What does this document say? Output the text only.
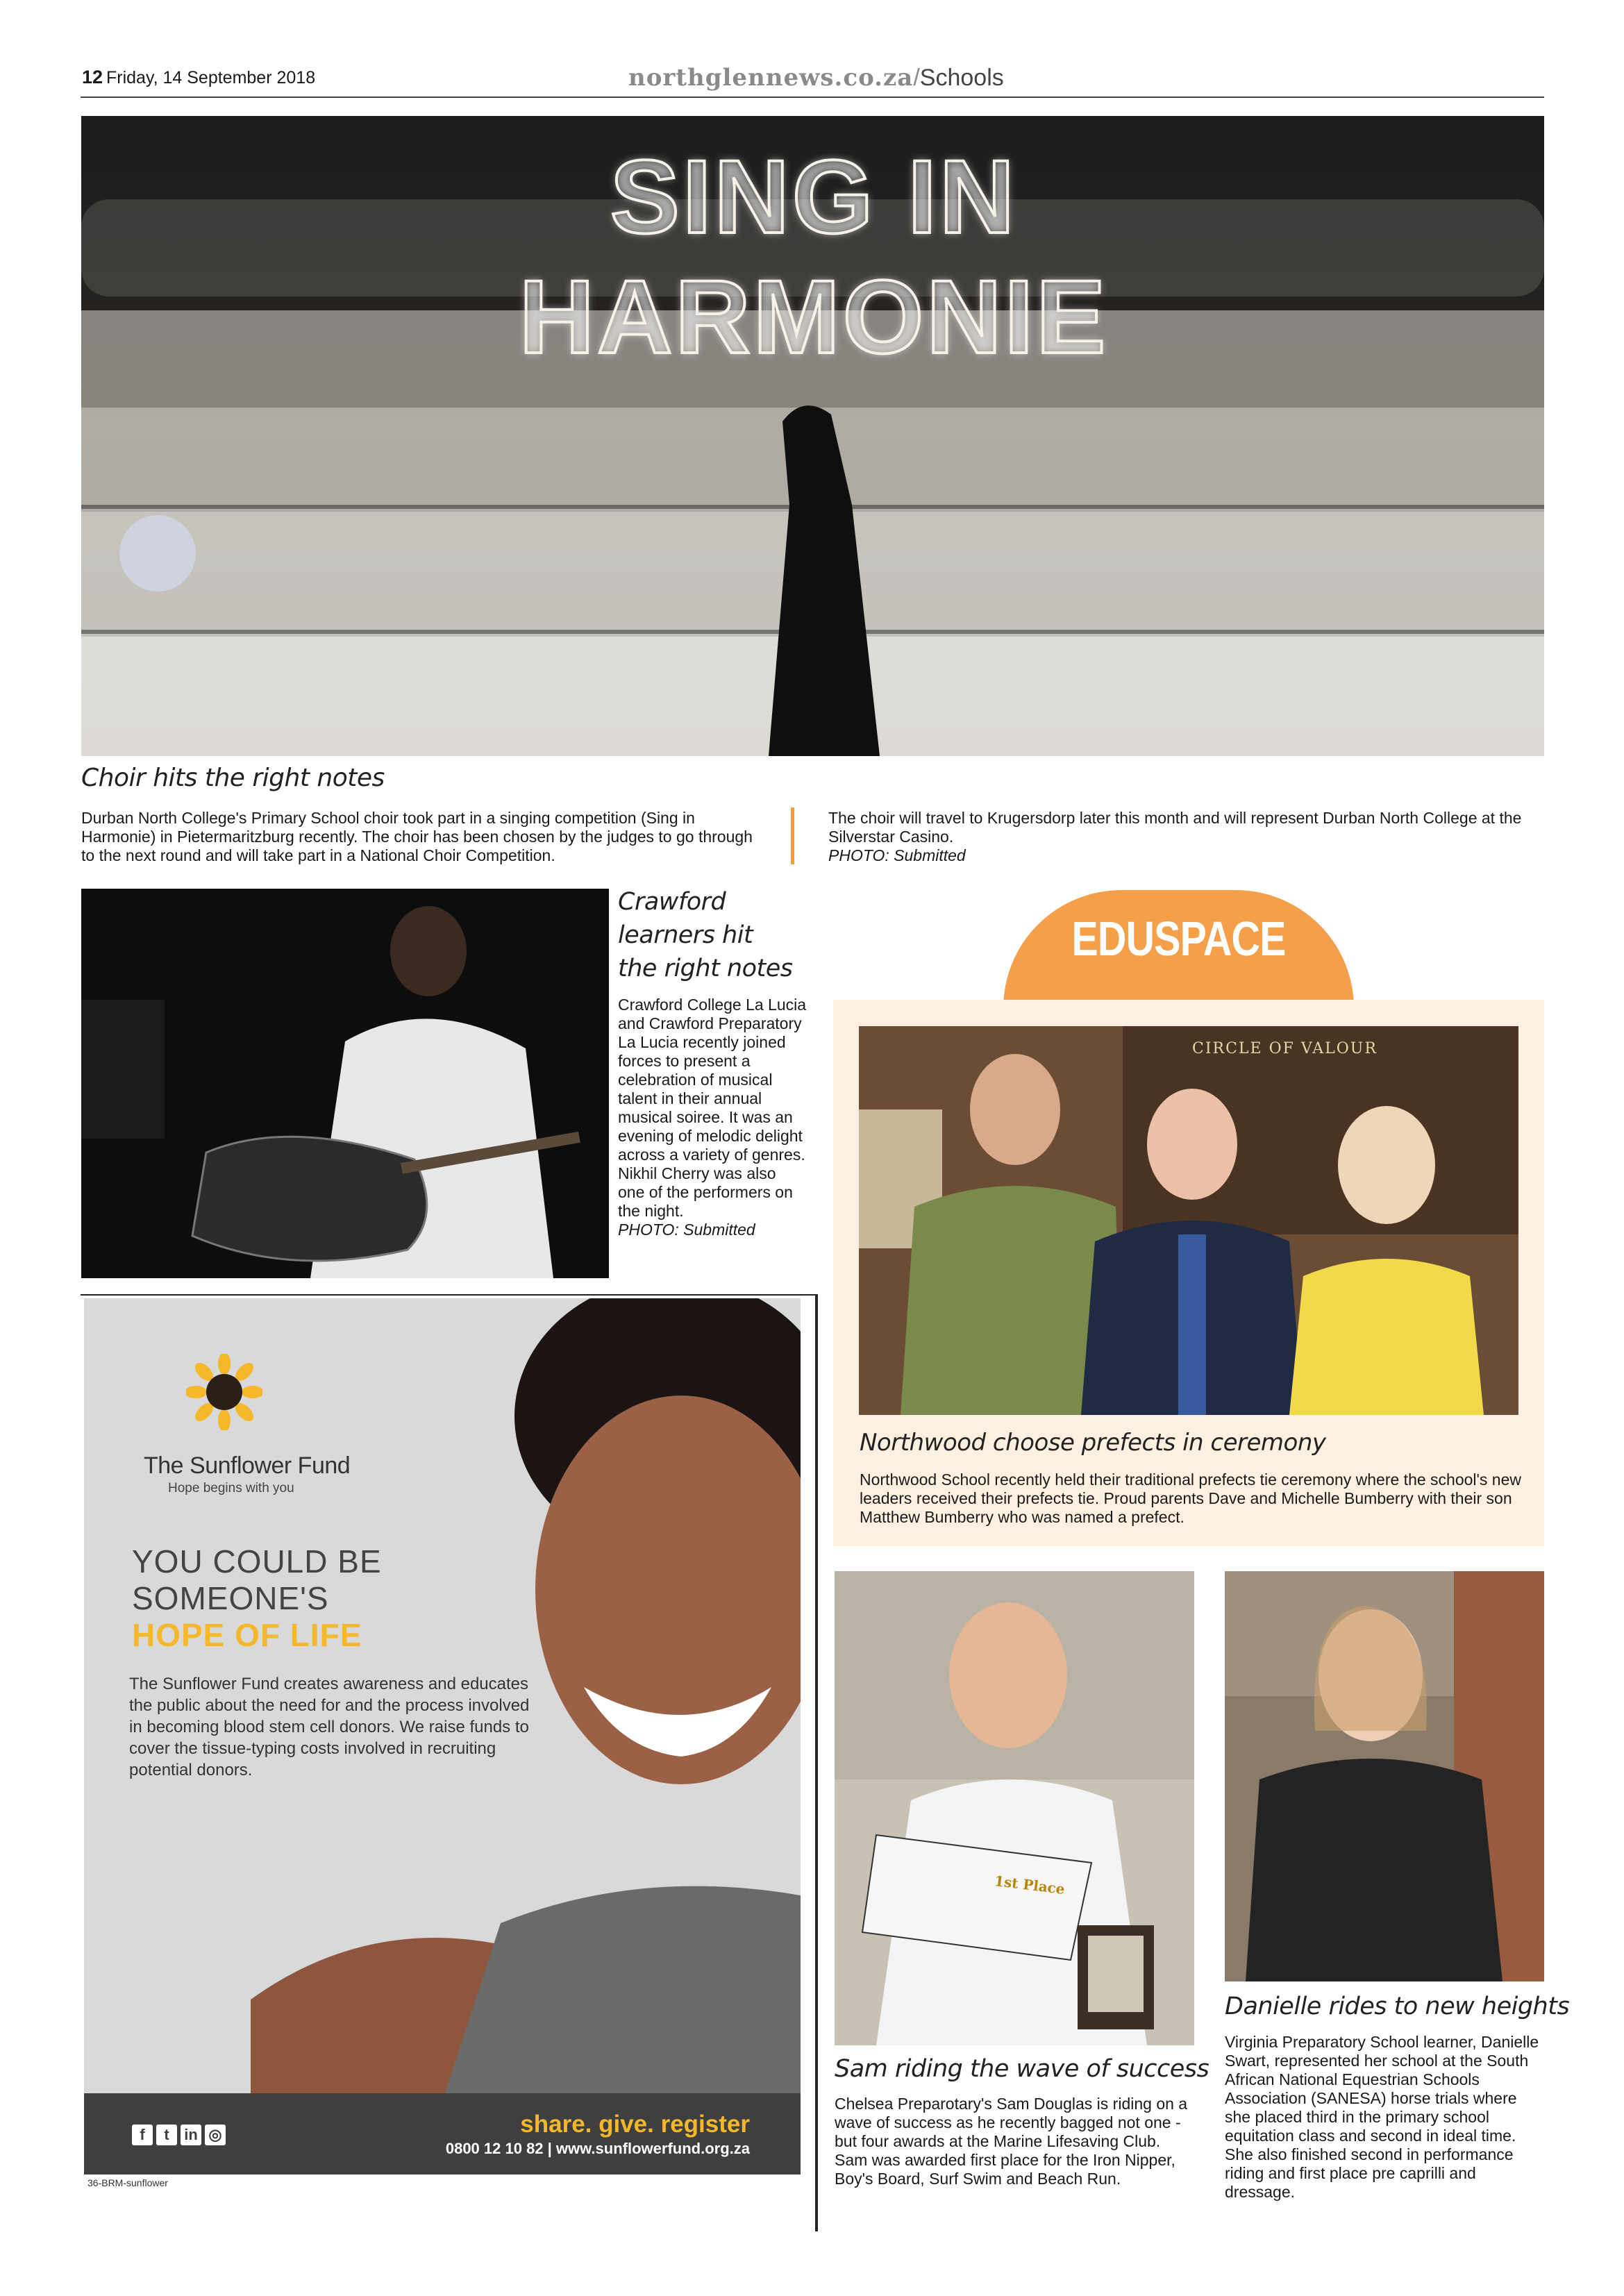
12 Friday, 14 September 2018	northglennews.co.za/Schools
SING IN HARMONIE
Choir hits the right notes
Durban North College's Primary School choir took part in a singing competition (Sing in Harmonie) in Pietermaritzburg recently. The choir has been chosen by the judges to go through to the next round and will take part in a National Choir Competition.
The choir will travel to Krugersdorp later this month and will represent Durban North College at the Silverstar Casino.
PHOTO: Submitted
Crawford learners hit the right notes
Crawford College La Lucia and Crawford Preparatory La Lucia recently joined forces to present a celebration of musical talent in their annual musical soiree. It was an evening of melodic delight across a variety of genres. Nikhil Cherry was also one of the performers on the night.
PHOTO: Submitted
EDUSPACE
CIRCLE OF VALOUR
Northwood choose prefects in ceremony
Northwood School recently held their traditional prefects tie ceremony where the school's new leaders received their prefects tie. Proud parents Dave and Michelle Bumberry with their son Matthew Bumberry who was named a prefect.
1st Place
Sam riding the wave of success
Chelsea Preparotary's Sam Douglas is riding on a wave of success as he recently bagged not one - but four awards at the Marine Lifesaving Club. Sam was awarded first place for the Iron Nipper, Boy's Board, Surf Swim and Beach Run.
Danielle rides to new heights
Virginia Preparatory School learner, Danielle Swart, represented her school at the South African National Equestrian Schools Association (SANESA) horse trials where she placed third in the primary school equitation class and second in ideal time. She also finished second in performance riding and first place pre caprilli and dressage.
The Sunflower Fund
Hope begins with you
YOU COULD BE
SOMEONE'S
HOPE OF LIFE
The Sunflower Fund creates awareness and educates the public about the need for and the process involved in becoming blood stem cell donors. We raise funds to cover the tissue-typing costs involved in recruiting potential donors.
f t in ◎	share. give. register
0800 12 10 82 | www.sunflowerfund.org.za
36-BRM-sunflower
